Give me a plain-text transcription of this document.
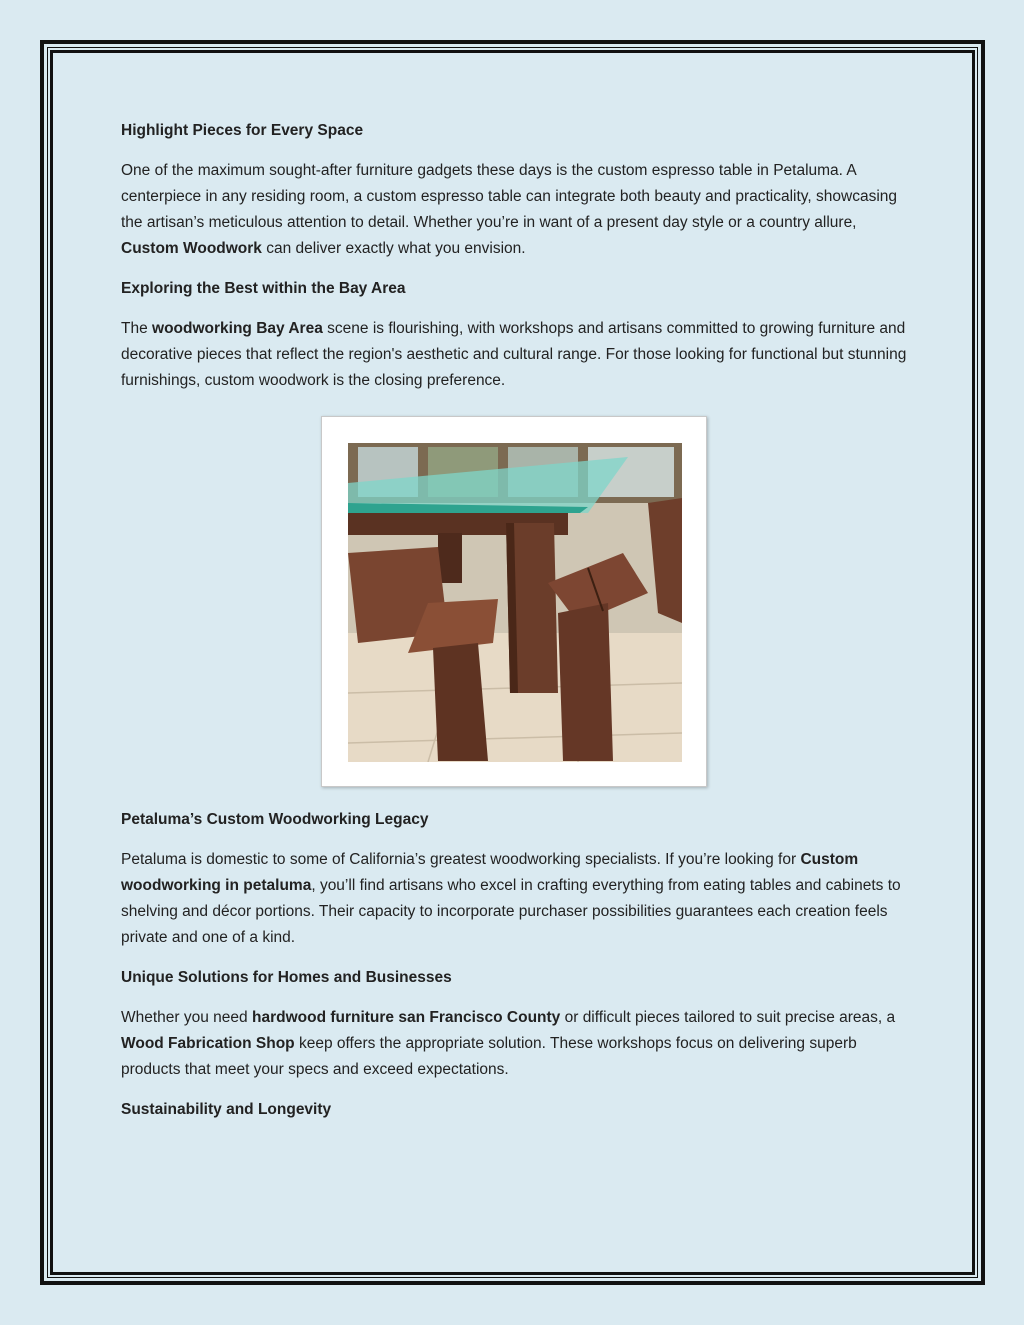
Highlight Pieces for Every Space

One of the maximum sought-after furniture gadgets these days is the custom espresso table in Petaluma. A centerpiece in any residing room, a custom espresso table can integrate both beauty and practicality, showcasing the artisan’s meticulous attention to detail. Whether you’re in want of a present day style or a country allure, Custom Woodwork can deliver exactly what you envision.

Exploring the Best within the Bay Area

The woodworking Bay Area scene is flourishing, with workshops and artisans committed to growing furniture and decorative pieces that reflect the region's aesthetic and cultural range. For those looking for functional but stunning furnishings, custom woodwork is the closing preference.

Petaluma’s Custom Woodworking Legacy

Petaluma is domestic to some of California’s greatest woodworking specialists. If you’re looking for Custom woodworking in petaluma, you’ll find artisans who excel in crafting everything from eating tables and cabinets to shelving and décor portions. Their capacity to incorporate purchaser possibilities guarantees each creation feels private and one of a kind.

Unique Solutions for Homes and Businesses

Whether you need hardwood furniture san Francisco County or difficult pieces tailored to suit precise areas, a Wood Fabrication Shop keep offers the appropriate solution. These workshops focus on delivering superb products that meet your specs and exceed expectations.

Sustainability and Longevity
